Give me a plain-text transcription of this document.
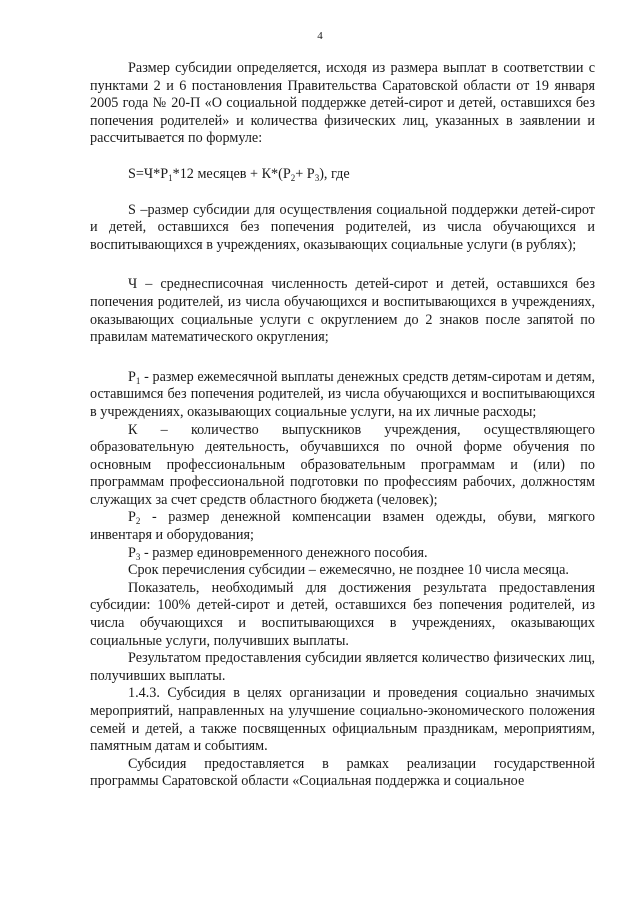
4

Размер субсидии определяется, исходя из размера выплат в соответствии с пунктами 2 и 6 постановления Правительства Саратовской области от 19 января 2005 года № 20-П «О социальной поддержке детей-сирот и детей, оставшихся без попечения родителей» и количества физических лиц, указанных в заявлении и рассчитывается по формуле:

$S=Ч*Р_1*12$ месяцев + $К*(Р_2+ Р_3)$, где

S –размер субсидии для осуществления социальной поддержки детей-сирот и детей, оставшихся без попечения родителей, из числа обучающихся и воспитывающихся в учреждениях, оказывающих социальные услуги (в рублях);

Ч – среднесписочная численность детей-сирот и детей, оставшихся без попечения родителей, из числа обучающихся и воспитывающихся в учреждениях, оказывающих социальные услуги с округлением до 2 знаков после запятой по правилам математического округления;

$Р_1$ - размер ежемесячной выплаты денежных средств детям-сиротам и детям, оставшимся без попечения родителей, из числа обучающихся и воспитывающихся в учреждениях, оказывающих социальные услуги, на их личные расходы;

К – количество выпускников учреждения, осуществляющего образовательную деятельность, обучавшихся по очной форме обучения по основным профессиональным образовательным программам и (или) по программам профессиональной подготовки по профессиям рабочих, должностям служащих за счет средств областного бюджета (человек);

$Р_2$ - размер денежной компенсации взамен одежды, обуви, мягкого инвентаря и оборудования;

$Р_3$ - размер единовременного денежного пособия.

Срок перечисления субсидии – ежемесячно, не позднее 10 числа месяца.

Показатель, необходимый для достижения результата предоставления субсидии: 100% детей-сирот и детей, оставшихся без попечения родителей, из числа обучающихся и воспитывающихся в учреждениях, оказывающих социальные услуги, получивших выплаты.

Результатом предоставления субсидии является количество физических лиц, получивших выплаты.

1.4.3. Субсидия в целях организации и проведения социально значимых мероприятий, направленных на улучшение социально-экономического положения семей и детей, а также посвященных официальным праздникам, мероприятиям, памятным датам и событиям.

Субсидия предоставляется в рамках реализации государственной программы Саратовской области «Социальная поддержка и социальное
